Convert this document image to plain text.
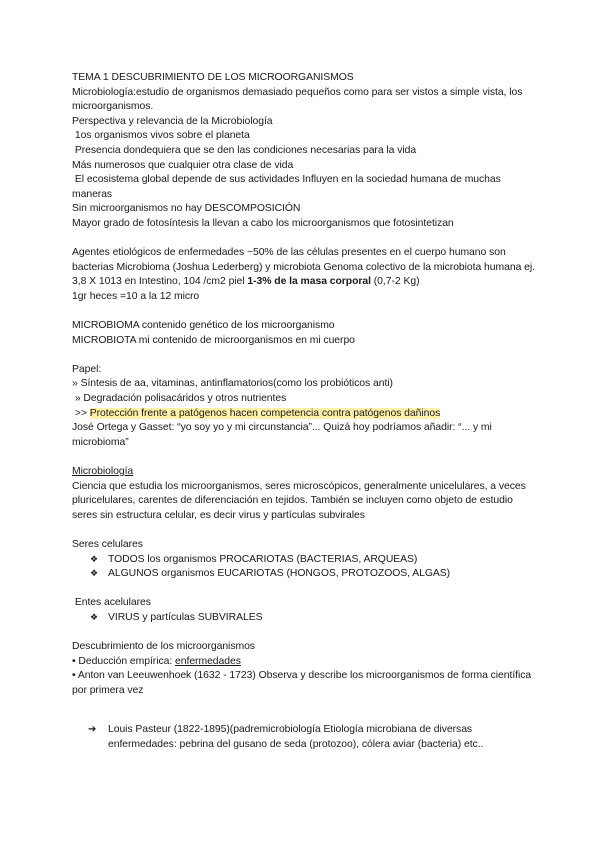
TEMA 1 DESCUBRIMIENTO DE LOS MICROORGANISMOS

Microbiología:estudio de organismos demasiado pequeños como para ser vistos a simple vista, los microorganismos.

Perspectiva y relevancia de la Microbiología

1os organismos vivos sobre el planeta

Presencia dondequiera que se den las condiciones necesarias para la vida

Más numerosos que cualquier otra clase de vida

El ecosistema global depende de sus actividades Influyen en la sociedad humana de muchas maneras

Sin microorganismos no hay DESCOMPOSICIÓN

Mayor grado de fotosíntesis la llevan a cabo los microorganismos que fotosintetizan

Agentes etiológicos de enfermedades ~50% de las células presentes en el cuerpo humano son bacterias Microbioma (Joshua Lederberg) y microbiota Genoma colectivo de la microbiota humana ej. 3,8 X 1013 en Intestino, 104 /cm2 piel 1-3% de la masa corporal (0,7-2 Kg)

1gr heces =10 a la 12 micro

MICROBIOMA contenido genético de los microorganismo

MICROBIOTA mi contenido de microorganismos en mi cuerpo

Papel:

» Síntesis de aa, vitaminas, antinflamatorios(como los probióticos anti)

» Degradación polisacáridos y otros nutrientes

>> Protección frente a patógenos hacen competencia contra patógenos dañinos

José Ortega y Gasset: “yo soy yo y mi circunstancia”... Quizá hoy podríamos añadir: “... y mi microbioma”

Microbiología

Ciencia que estudia los microorganismos, seres microscópicos, generalmente unicelulares, a veces pluricelulares, carentes de diferenciación en tejidos. También se incluyen como objeto de estudio seres sin estructura celular, es decir virus y partículas subvirales

Seres celulares

❖ TODOS los organismos PROCARIOTAS (BACTERIAS, ARQUEAS)
❖ ALGUNOS organismos EUCARIOTAS (HONGOS, PROTOZOOS, ALGAS)

Entes acelulares

❖ VIRUS y partículas SUBVIRALES

Descubrimiento de los microorganismos

• Deducción empírica: enfermedades

• Anton van Leeuwenhoek (1632 - 1723) Observa y describe los microorganismos de forma científica por primera vez

➔	Louis Pasteur (1822-1895)(padremicrobiología Etiología microbiana de diversas enfermedades: pebrina del gusano de seda (protozoo), cólera aviar (bacteria) etc..
